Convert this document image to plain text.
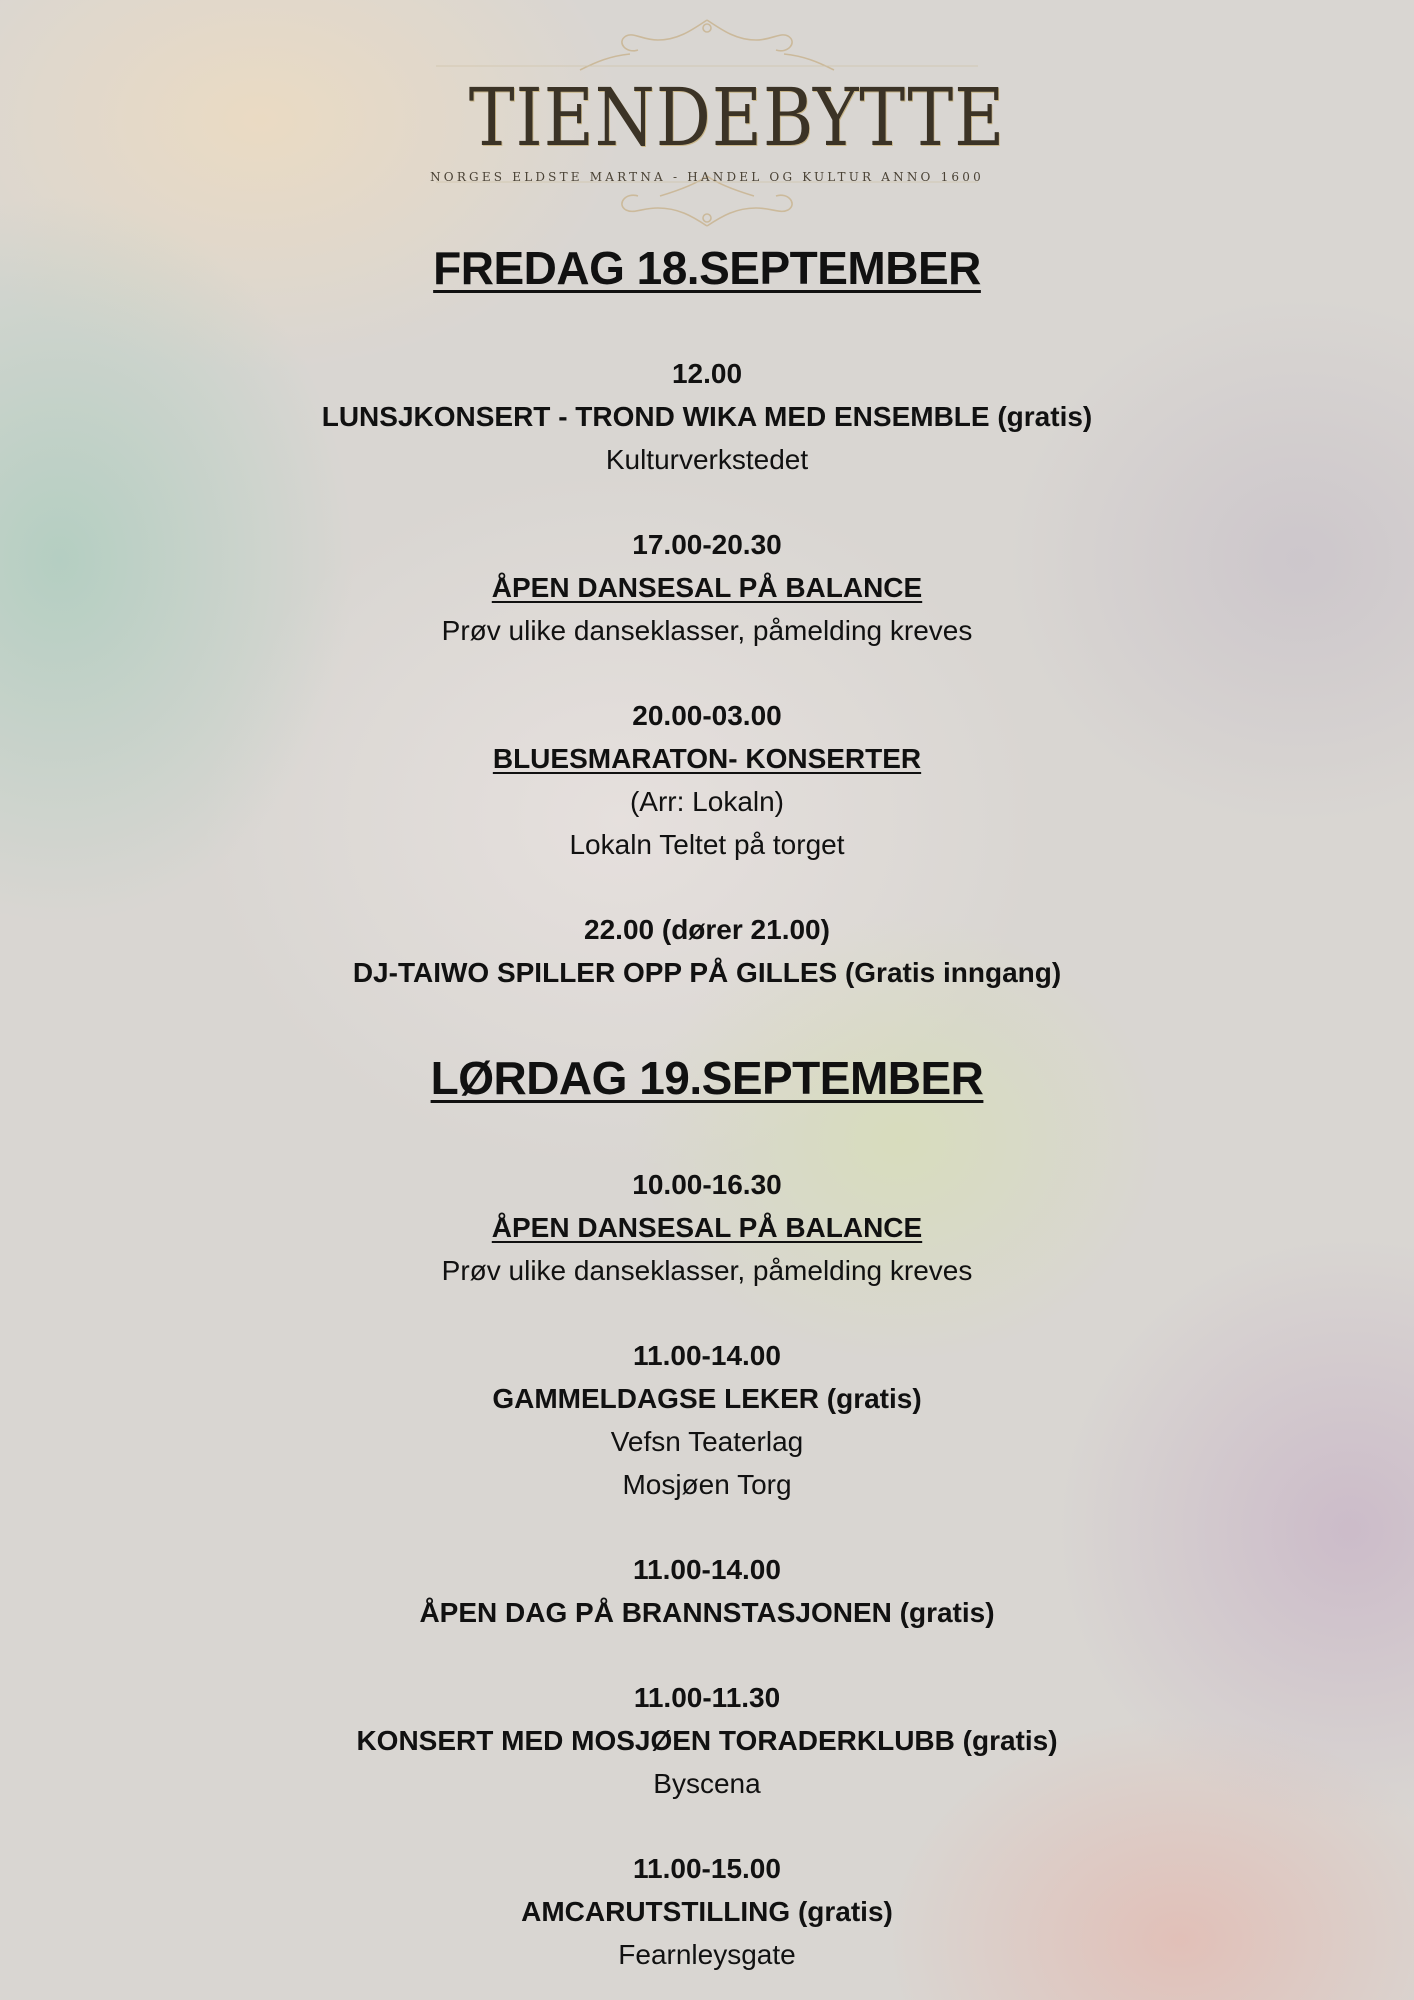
TIENDEBYTTE
NORGES ELDSTE MARTNA - HANDEL OG KULTUR ANNO 1600
FREDAG 18.SEPTEMBER
12.00
LUNSJKONSERT - TROND WIKA MED ENSEMBLE (gratis)
Kulturverkstedet
17.00-20.30
ÅPEN DANSESAL PÅ BALANCE
Prøv ulike danseklasser, påmelding kreves
20.00-03.00
BLUESMARATON- KONSERTER
(Arr: Lokaln)
Lokaln Teltet på torget
22.00 (dører 21.00)
DJ-TAIWO SPILLER OPP PÅ GILLES (Gratis inngang)
LØRDAG 19.SEPTEMBER
10.00-16.30
ÅPEN DANSESAL PÅ BALANCE
Prøv ulike danseklasser, påmelding kreves
11.00-14.00
GAMMELDAGSE LEKER (gratis)
Vefsn Teaterlag
Mosjøen Torg
11.00-14.00
ÅPEN DAG PÅ BRANNSTASJONEN (gratis)
11.00-11.30
KONSERT MED MOSJØEN TORADERKLUBB (gratis)
Byscena
11.00-15.00
AMCARUTSTILLING (gratis)
Fearnleysgate
